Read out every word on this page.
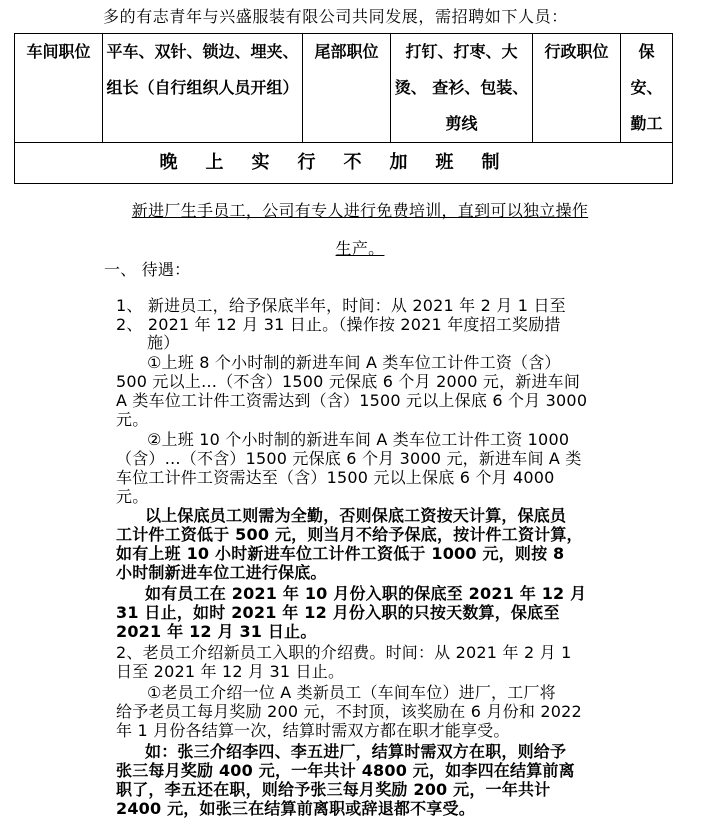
多的有志青年与兴盛服装有限公司共同发展，需招聘如下人员：
车间职位	平车、双针、锁边、埋夹、组长（自行组织人员开组）	尾部职位	打钉、打枣、大烫、 查衫、包装、剪线	行政职位	保安、勤工
晚上实行不加班制
新进厂生手员工，公司有专人进行免费培训，直到可以独立操作
生产。
一、 待遇：
1、 新进员工，给予保底半年，时间：从 2021 年 2 月 1 日至
2、 2021 年 12 月 31 日止。（操作按 2021 年度招工奖励措
施）
①上班 8 个小时制的新进车间 A 类车位工计件工资（含）
500 元以上…（不含）1500 元保底 6 个月 2000 元，新进车间
A 类车位工计件工资需达到（含）1500 元以上保底 6 个月 3000
元。
②上班 10 个小时制的新进车间 A 类车位工计件工资 1000
（含）…（不含）1500 元保底 6 个月 3000 元，新进车间 A 类
车位工计件工资需达至（含）1500 元以上保底 6 个月 4000
元。
以上保底员工则需为全勤，否则保底工资按天计算，保底员
工计件工资低于 500 元，则当月不给予保底，按计件工资计算，
如有上班 10 小时新进车位工计件工资低于 1000 元，则按 8
小时制新进车位工进行保底。
如有员工在 2021 年 10 月份入职的保底至 2021 年 12 月
31 日止，如时 2021 年 12 月份入职的只按天数算，保底至
2021 年 12 月 31 日止。
2、老员工介绍新员工入职的介绍费。时间：从 2021 年 2 月 1
日至 2021 年 12 月 31 日止。
①老员工介绍一位 A 类新员工（车间车位）进厂，工厂将
给予老员工每月奖励 200 元，不封顶，该奖励在 6 月份和 2022
年 1 月份各结算一次，结算时需双方都在职才能享受。
如：张三介绍李四、李五进厂，结算时需双方在职，则给予
张三每月奖励 400 元，一年共计 4800 元，如李四在结算前离
职了，李五还在职，则给予张三每月奖励 200 元，一年共计
2400 元，如张三在结算前离职或辞退都不享受。
